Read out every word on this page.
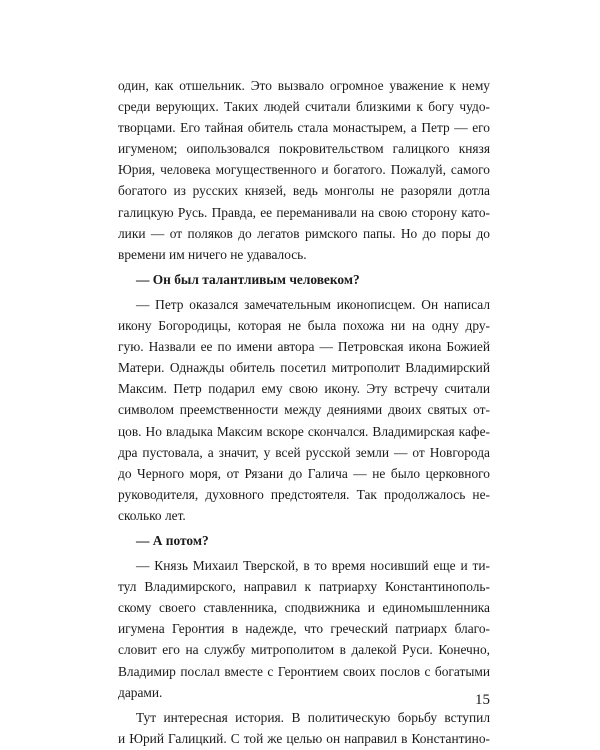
один, как отшельник. Это вызвало огромное уважение к нему
среди верующих. Таких людей считали близкими к богу чудо-
творцами. Его тайная обитель стала монастырем, а Петр — его
игуменом; оипользовался покровительством галицкого князя
Юрия, человека могущественного и богатого. Пожалуй, самого
богатого из русских князей, ведь монголы не разоряли дотла
галицкую Русь. Правда, ее переманивали на свою сторону като-
лики — от поляков до легатов римского папы. Но до поры до
времени им ничего не удавалось.
— Он был талантливым человеком?
— Петр оказался замечательным иконописцем. Он написал
икону Богородицы, которая не была похожа ни на одну дру-
гую. Назвали ее по имени автора — Петровская икона Божией
Матери. Однажды обитель посетил митрополит Владимирский
Максим. Петр подарил ему свою икону. Эту встречу считали
символом преемственности между деяниями двоих святых от-
цов. Но владыка Максим вскоре скончался. Владимирская кафе-
дра пустовала, а значит, у всей русской земли — от Новгорода
до Черного моря, от Рязани до Галича — не было церковного
руководителя, духовного предстоятеля. Так продолжалось не-
сколько лет.
— А потом?
— Князь Михаил Тверской, в то время носивший еще и ти-
тул Владимирского, направил к патриарху Константинополь-
скому своего ставленника, сподвижника и единомышленника
игумена Геронтия в надежде, что греческий патриарх благо-
словит его на службу митрополитом в далекой Руси. Конечно,
Владимир послал вместе с Геронтием своих послов с богатыми
дарами.
Тут интересная история. В политическую борьбу вступил
и Юрий Галицкий. С той же целью он направил в Константино-
15
